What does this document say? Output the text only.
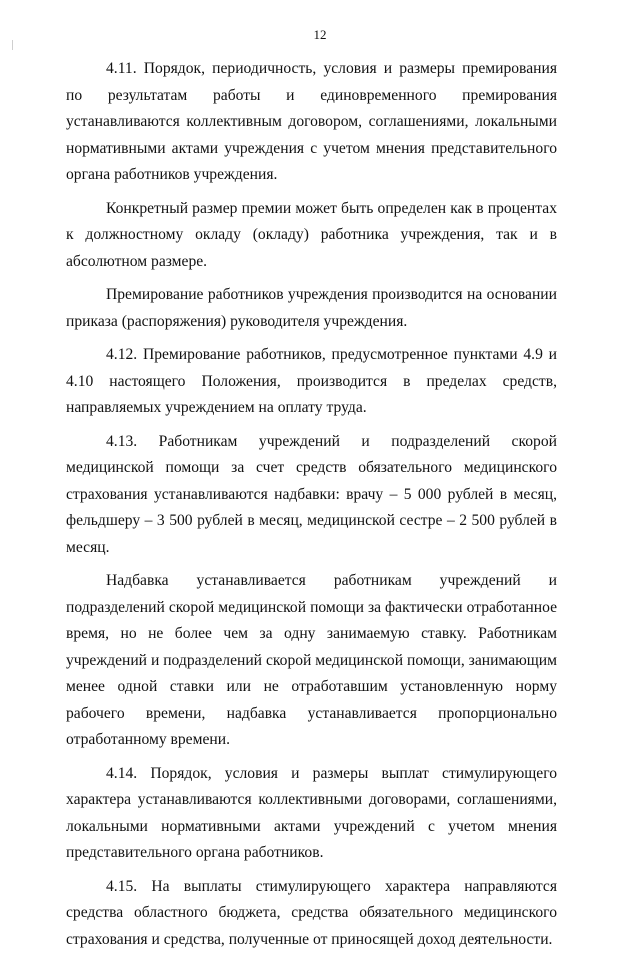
12

4.11. Порядок, периодичность, условия и размеры премирования по результатам работы и единовременного премирования устанавливаются коллективным договором, соглашениями, локальными нормативными актами учреждения с учетом мнения представительного органа работников учреждения.

Конкретный размер премии может быть определен как в процентах к должностному окладу (окладу) работника учреждения, так и в абсолютном размере.

Премирование работников учреждения производится на основании приказа (распоряжения) руководителя учреждения.

4.12. Премирование работников, предусмотренное пунктами 4.9 и 4.10 настоящего Положения, производится в пределах средств, направляемых учреждением на оплату труда.

4.13. Работникам учреждений и подразделений скорой медицинской помощи за счет средств обязательного медицинского страхования устанавливаются надбавки: врачу – 5 000 рублей в месяц, фельдшеру – 3 500 рублей в месяц, медицинской сестре – 2 500 рублей в месяц.

Надбавка устанавливается работникам учреждений и подразделений скорой медицинской помощи за фактически отработанное время, но не более чем за одну занимаемую ставку. Работникам учреждений и подразделений скорой медицинской помощи, занимающим менее одной ставки или не отработавшим установленную норму рабочего времени, надбавка устанавливается пропорционально отработанному времени.

4.14. Порядок, условия и размеры выплат стимулирующего характера устанавливаются коллективными договорами, соглашениями, локальными нормативными актами учреждений с учетом мнения представительного органа работников.

4.15. На выплаты стимулирующего характера направляются средства областного бюджета, средства обязательного медицинского страхования и средства, полученные от приносящей доход деятельности.
